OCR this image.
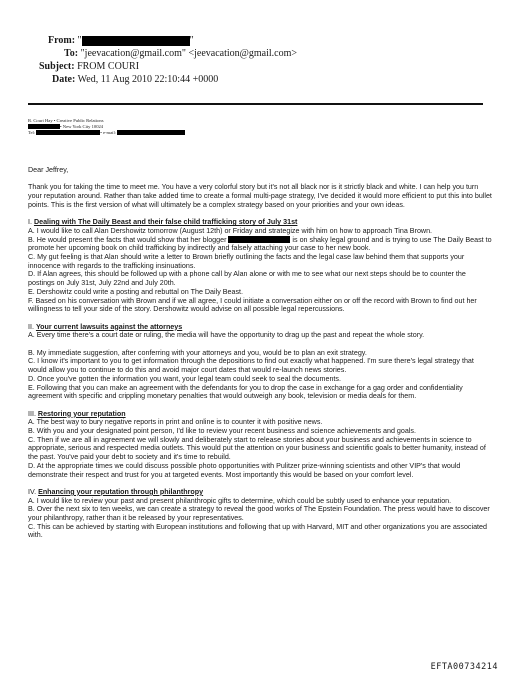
From: "	"
To: "jeevacation@gmail.com" <jeevacation@gmail.com>
Subject: FROM COURI
Date: Wed, 11 Aug 2010 22:10:44 +0000
R. Couri Hay • Creative Public Relations
• New York City 10024
Tel:	• e-mail:

Dear Jeffrey,

Thank you for taking the time to meet me. You have a very colorful story but it's not all black nor is it strictly black and white. I can help you turn your reputation around. Rather than take added time to create a formal multi-page strategy, I've decided it would more efficient to put this into bullet points. This is the first version of what will ultimately be a complex strategy based on your priorities and your own ideas.

I. Dealing with The Daily Beast and their false child trafficking story of July 31st

A. I would like to call Alan Dershowitz tomorrow (August 12th) or Friday and strategize with him on how to approach Tina Brown.

B. He would present the facts that would show that her blogger	is on shaky legal ground and is trying to use The Daily Beast to promote her upcoming book on child trafficking by indirectly and falsely attaching your case to her new book.

C. My gut feeling is that Alan should write a letter to Brown briefly outlining the facts and the legal case law behind them that supports your innocence with regards to the trafficking insinuations.

D. If Alan agrees, this should be followed up with a phone call by Alan alone or with me to see what our next steps should be to counter the postings on July 31st, July 22nd and July 20th.

E. Dershowitz could write a posting and rebuttal on The Daily Beast.

F. Based on his conversation with Brown and if we all agree, I could initiate a conversation either on or off the record with Brown to find out her willingness to tell your side of the story. Dershowitz would advise on all possible legal repercussions.

II. Your current lawsuits against the attorneys

A. Every time there's a court date or ruling, the media will have the opportunity to drag up the past and repeat the whole story.

B. My immediate suggestion, after conferring with your attorneys and you, would be to plan an exit strategy.

C. I know it's important to you to get information through the depositions to find out exactly what happened. I'm sure there's legal strategy that would allow you to continue to do this and avoid major court dates that would re-launch news stories.

D. Once you've gotten the information you want, your legal team could seek to seal the documents.

E. Following that you can make an agreement with the defendants for you to drop the case in exchange for a gag order and confidentiality agreement with specific and crippling monetary penalties that would outweigh any book, television or media deals for them.

III. Restoring your reputation

A. The best way to bury negative reports in print and online is to counter it with positive news.

B. With you and your designated point person, I'd like to review your recent business and science achievements and goals.

C. Then if we are all in agreement we will slowly and deliberately start to release stories about your business and achievements in science to appropriate, serious and respected media outlets. This would put the attention on your business and scientific goals to better humanity, instead of the past. You've paid your debt to society and it's time to rebuild.

D. At the appropriate times we could discuss possible photo opportunities with Pulitzer prize-winning scientists and other VIP's that would demonstrate their respect and trust for you at targeted events. Most importantly this would be based on your comfort level.

IV. Enhancing your reputation through philanthropy

A. I would like to review your past and present philanthropic gifts to determine, which could be subtly used to enhance your reputation.

B. Over the next six to ten weeks, we can create a strategy to reveal the good works of The Epstein Foundation. The press would have to discover your philanthropy, rather than it be released by your representatives.

C. This can be achieved by starting with European institutions and following that up with Harvard, MIT and other organizations you are associated with.

EFTA00734214
